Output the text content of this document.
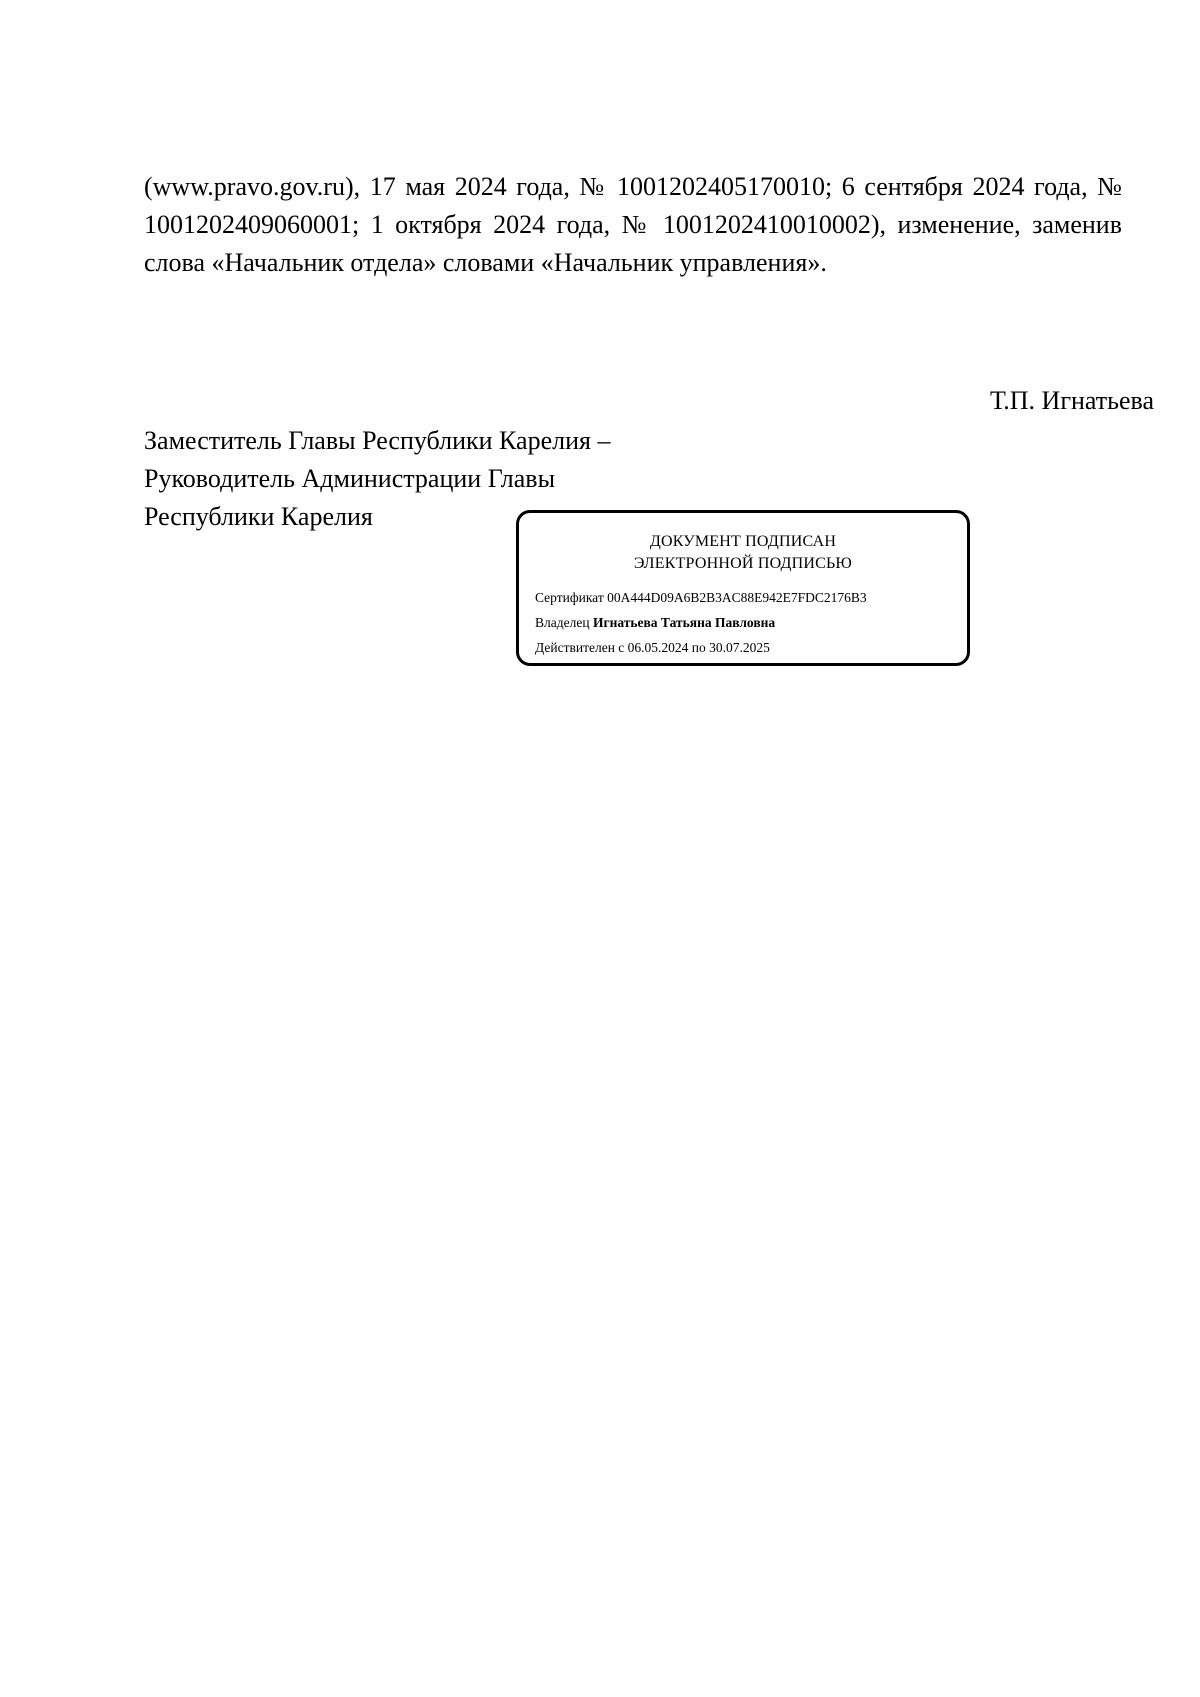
(www.pravo.gov.ru), 17 мая 2024 года, № 1001202405170010; 6 сентября 2024 года, № 1001202409060001; 1 октября 2024 года, № 1001202410010002), изменение, заменив слова «Начальник отдела» словами «Начальник управления».

Т.П. Игнатьева
Заместитель Главы Республики Карелия –
Руководитель Администрации Главы
Республики Карелия
ДОКУМЕНТ ПОДПИСАН
ЭЛЕКТРОННОЙ ПОДПИСЬЮ
Сертификат 00A444D09A6B2B3AC88E942E7FDC2176B3
Владелец Игнатьева Татьяна Павловна
Действителен с 06.05.2024 по 30.07.2025
